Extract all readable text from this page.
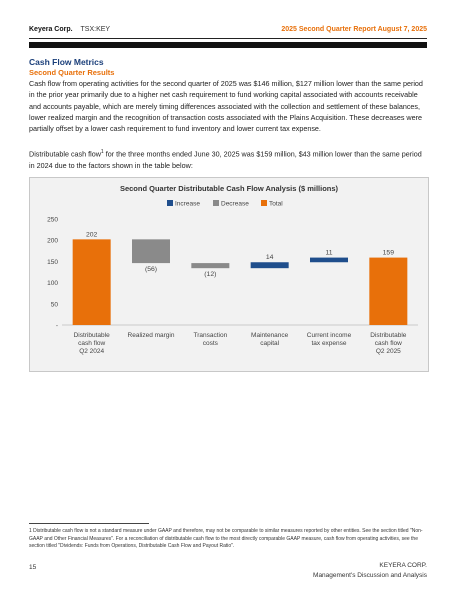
Keyera Corp. TSX:KEY	2025 Second Quarter Report August 7, 2025
Cash Flow Metrics
Second Quarter Results
Cash flow from operating activities for the second quarter of 2025 was $146 million, $127 million lower than the same period in the prior year primarily due to a higher net cash requirement to fund working capital associated with accounts receivable and accounts payable, which are merely timing differences associated with the collection and settlement of these balances, lower realized margin and the recognition of transaction costs associated with the Plains Acquisition. These decreases were partially offset by a lower cash requirement to fund inventory and lower current tax expense.
Distributable cash flow$^1$ for the three months ended June 30, 2025 was $159 million, $43 million lower than the same period in 2024 due to the factors shown in the table below:
Second Quarter Distributable Cash Flow Analysis ($ millions)
Increase	Decrease	Total
-
50
100
150
200
250
202
Distributable
cash flow
Q2 2024
(56)
Realized margin
(12)
Transaction
costs
14
Maintenance
capital
11
Current income
tax expense
159
Distributable
cash flow
Q2 2025
1 Distributable cash flow is not a standard measure under GAAP and therefore, may not be comparable to similar measures reported by other entities. See the section titled "Non-GAAP and Other Financial Measures". For a reconciliation of distributable cash flow to the most directly comparable GAAP measure, cash flow from operating activities, see the section titled "Dividends: Funds from Operations, Distributable Cash Flow and Payout Ratio".
15	KEYERA CORP.
Management's Discussion and Analysis
